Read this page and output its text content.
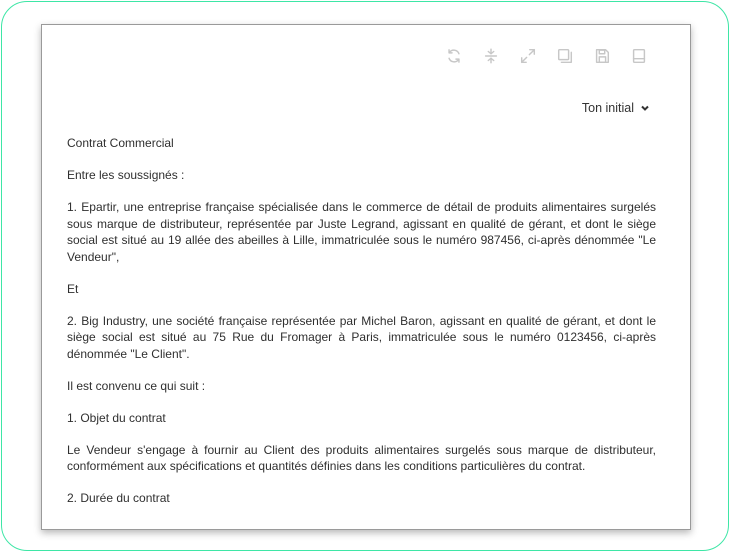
Ton initial

Contrat Commercial

Entre les soussignés :

1. Epartir, une entreprise française spécialisée dans le commerce de détail de produits alimentaires surgelés sous marque de distributeur, représentée par Juste Legrand, agissant en qualité de gérant, et dont le siège social est situé au 19 allée des abeilles à Lille, immatriculée sous le numéro 987456, ci-après dénommée "Le Vendeur",

Et

2. Big Industry, une société française représentée par Michel Baron, agissant en qualité de gérant, et dont le siège social est situé au 75 Rue du Fromager à Paris, immatriculée sous le numéro 0123456, ci-après dénommée "Le Client".

Il est convenu ce qui suit :

1. Objet du contrat

Le Vendeur s'engage à fournir au Client des produits alimentaires surgelés sous marque de distributeur, conformément aux spécifications et quantités définies dans les conditions particulières du contrat.

2. Durée du contrat
